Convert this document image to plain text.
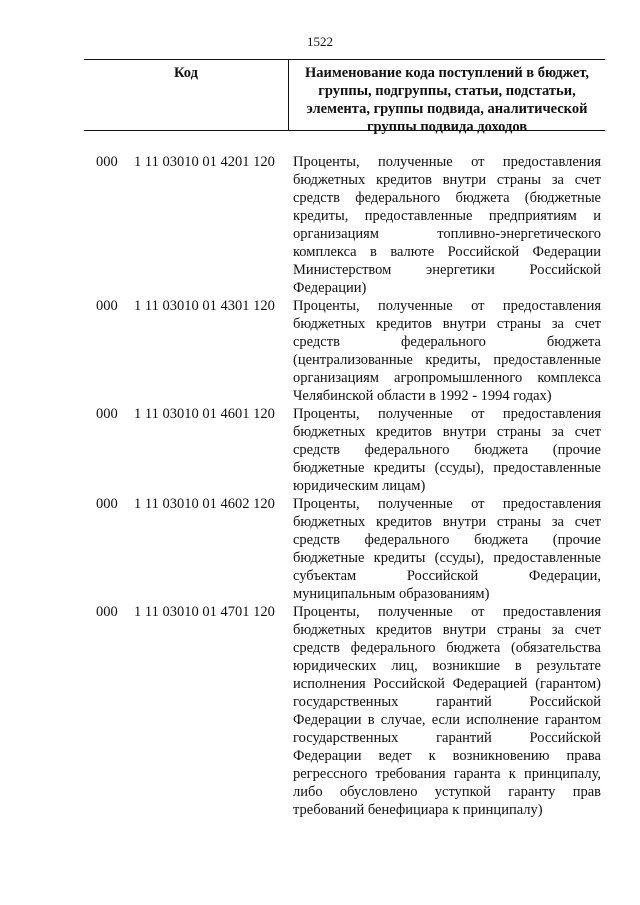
1522
Код	Наименование кода поступлений в бюджет, группы, подгруппы, статьи, подстатьи, элемента, группы подвида, аналитической группы подвида доходов
000 1 11 03010 01 4201 120 Проценты, полученные от предоставления бюджетных кредитов внутри страны за счет средств федерального бюджета (бюджетные кредиты, предоставленные предприятиям и организациям топливно-энергетического комплекса в валюте Российской Федерации Министерством энергетики Российской Федерации)
000 1 11 03010 01 4301 120 Проценты, полученные от предоставления бюджетных кредитов внутри страны за счет средств федерального бюджета (централизованные кредиты, предоставленные организациям агропромышленного комплекса Челябинской области в 1992 - 1994 годах)
000 1 11 03010 01 4601 120 Проценты, полученные от предоставления бюджетных кредитов внутри страны за счет средств федерального бюджета (прочие бюджетные кредиты (ссуды), предоставленные юридическим лицам)
000 1 11 03010 01 4602 120 Проценты, полученные от предоставления бюджетных кредитов внутри страны за счет средств федерального бюджета (прочие бюджетные кредиты (ссуды), предоставленные субъектам Российской Федерации, муниципальным образованиям)
000 1 11 03010 01 4701 120 Проценты, полученные от предоставления бюджетных кредитов внутри страны за счет средств федерального бюджета (обязательства юридических лиц, возникшие в результате исполнения Российской Федерацией (гарантом) государственных гарантий Российской Федерации в случае, если исполнение гарантом государственных гарантий Российской Федерации ведет к возникновению права регрессного требования гаранта к принципалу, либо обусловлено уступкой гаранту прав требований бенефициара к принципалу)
